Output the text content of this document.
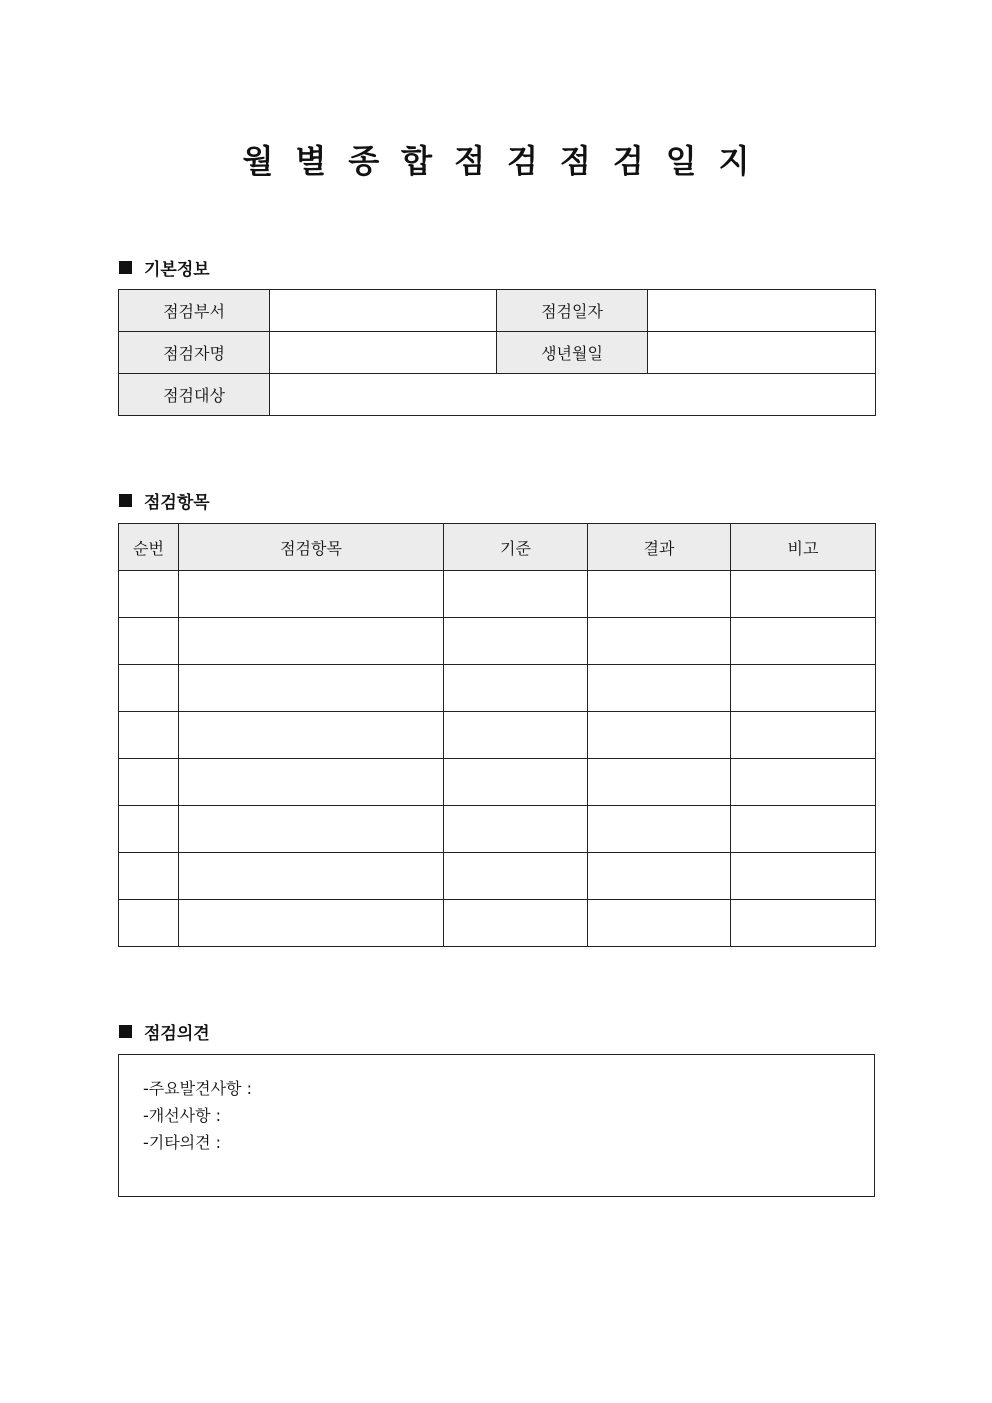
월별종합점검점검일지
기본정보
점검부서		점검일자	
점검자명		생년월일	
점검대상			
점검항목
순번	점검항목	기준	결과	비고

점검의견
-주요발견사항 :
-개선사항 :
-기타의견 :
